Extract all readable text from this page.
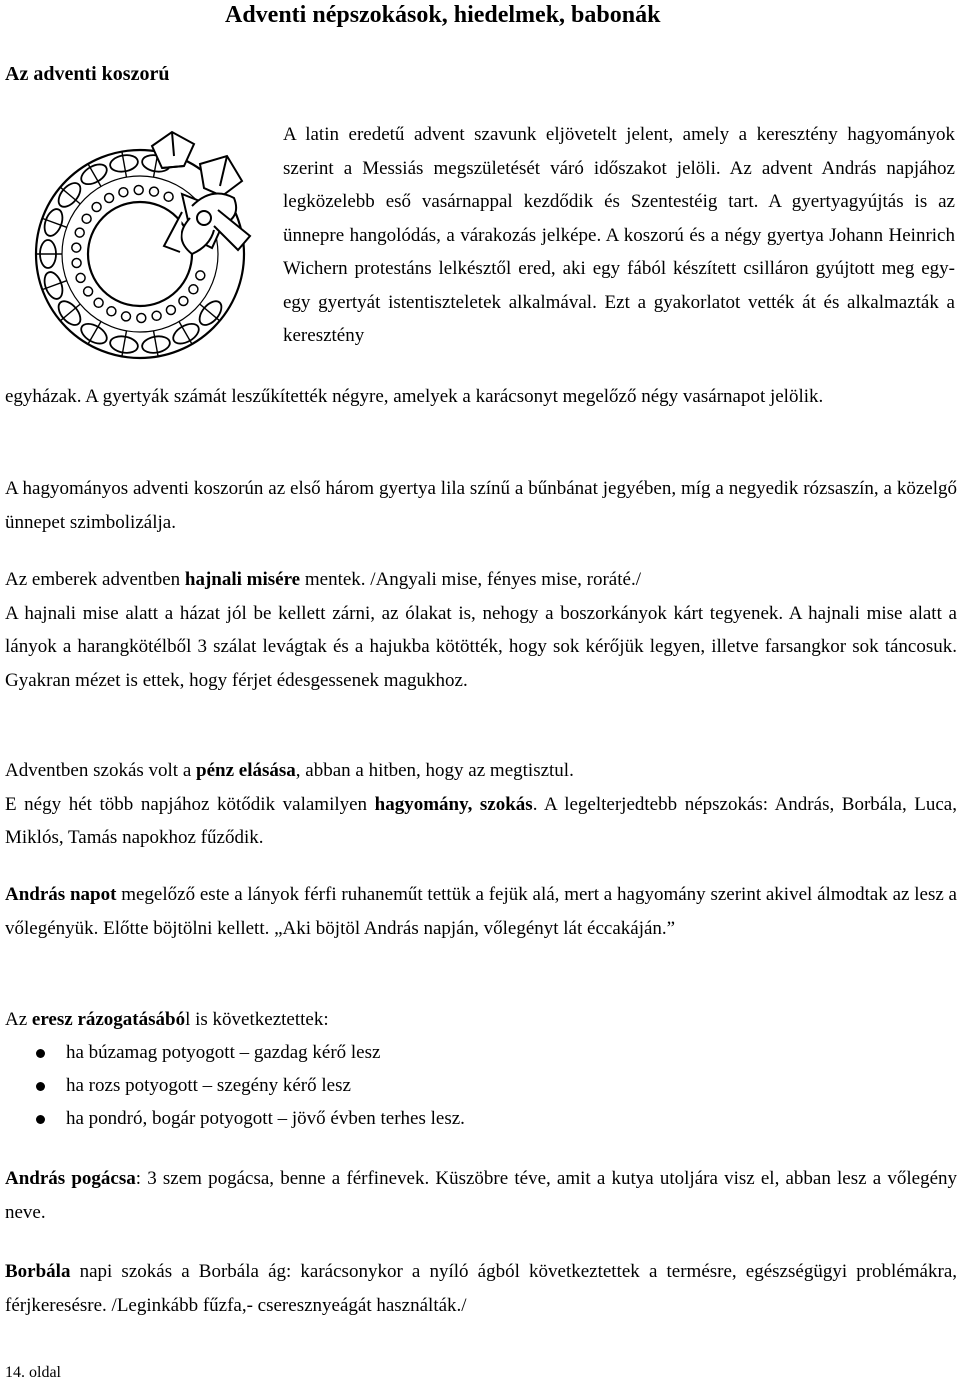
Adventi népszokások, hiedelmek, babonák
Az adventi koszorú

A latin eredetű advent szavunk eljövetelt jelent, amely a keresztény hagyományok szerint a Messiás megszületését váró időszakot jelöli. Az advent András napjához legközelebb eső vasárnappal kezdődik és Szentestéig tart. A gyertyagyújtás is az ünnepre hangolódás, a várakozás jelképe. A koszorú és a négy gyertya Johann Heinrich Wichern protestáns lelkésztől ered, aki egy fából készített csilláron gyújtott meg egy-egy gyertyát istentiszteletek alkalmával. Ezt a gyakorlatot vették át és alkalmazták a keresztény

egyházak. A gyertyák számát leszűkítették négyre, amelyek a karácsonyt megelőző négy vasárnapot jelölik.

A hagyományos adventi koszorún az első három gyertya lila színű a bűnbánat jegyében, míg a negyedik rózsaszín, a közelgő ünnepet szimbolizálja.

Az emberek adventben hajnali misére mentek. /Angyali mise, fényes mise, roráté./
A hajnali mise alatt a házat jól be kellett zárni, az ólakat is, nehogy a boszorkányok kárt tegyenek. A hajnali mise alatt a lányok a harangkötélből 3 szálat levágtak és a hajukba kötötték, hogy sok kérőjük legyen, illetve farsangkor sok táncosuk. Gyakran mézet is ettek, hogy férjet édesgessenek magukhoz.

Adventben szokás volt a pénz elásása, abban a hitben, hogy az megtisztul.
E négy hét több napjához kötődik valamilyen hagyomány, szokás. A legelterjedtebb népszokás: András, Borbála, Luca, Miklós, Tamás napokhoz fűződik.

András napot megelőző este a lányok férfi ruhaneműt tettük a fejük alá, mert a hagyomány szerint akivel álmodtak az lesz a vőlegényük. Előtte böjtölni kellett. „Aki böjtöl András napján, vőlegényt lát éccakáján.”

Az eresz rázogatásából is következtettek:

ha búzamag potyogott – gazdag kérő lesz
ha rozs potyogott – szegény kérő lesz
ha pondró, bogár potyogott – jövő évben terhes lesz.

András pogácsa: 3 szem pogácsa, benne a férfinevek. Küszöbre téve, amit a kutya utoljára visz el, abban lesz a vőlegény neve.

Borbála napi szokás a Borbála ág: karácsonykor a nyíló ágból következtettek a termésre, egészségügyi problémákra, férjkeresésre. /Leginkább fűzfa,- cseresznyeágát használták./

14. oldal
